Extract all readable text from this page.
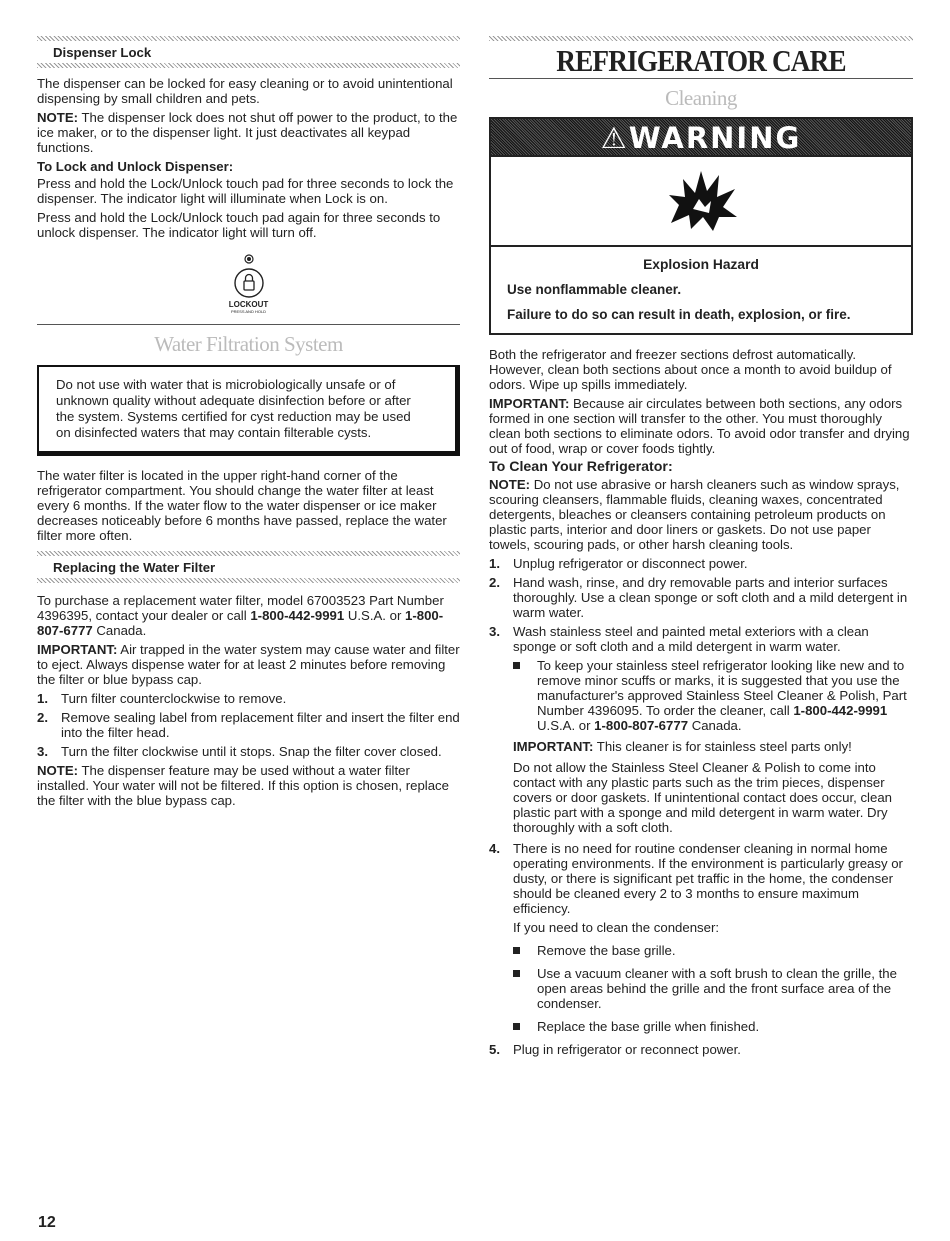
Dispenser Lock

The dispenser can be locked for easy cleaning or to avoid unintentional dispensing by small children and pets.

NOTE: The dispenser lock does not shut off power to the product, to the ice maker, or to the dispenser light. It just deactivates all keypad functions.

To Lock and Unlock Dispenser:

Press and hold the Lock/Unlock touch pad for three seconds to lock the dispenser. The indicator light will illuminate when Lock is on.

Press and hold the Lock/Unlock touch pad again for three seconds to unlock dispenser. The indicator light will turn off.

LOCKOUT
PRESS AND HOLD
Water Filtration System
Do not use with water that is microbiologically unsafe or of unknown quality without adequate disinfection before or after the system. Systems certified for cyst reduction may be used on disinfected waters that may contain filterable cysts.

The water filter is located in the upper right-hand corner of the refrigerator compartment. You should change the water filter at least every 6 months. If the water flow to the water dispenser or ice maker decreases noticeably before 6 months have passed, replace the water filter more often.

Replacing the Water Filter

To purchase a replacement water filter, model 67003523 Part Number 4396395, contact your dealer or call 1-800-442-9991 U.S.A. or 1-800-807-6777 Canada.

IMPORTANT: Air trapped in the water system may cause water and filter to eject. Always dispense water for at least 2 minutes before removing the filter or blue bypass cap.

1. Turn filter counterclockwise to remove.
2. Remove sealing label from replacement filter and insert the filter end into the filter head.
3. Turn the filter clockwise until it stops. Snap the filter cover closed.

NOTE: The dispenser feature may be used without a water filter installed. Your water will not be filtered. If this option is chosen, replace the filter with the blue bypass cap.

REFRIGERATOR CARE
Cleaning
⚠WARNING
Explosion Hazard
Use nonflammable cleaner.
Failure to do so can result in death, explosion, or fire.

Both the refrigerator and freezer sections defrost automatically. However, clean both sections about once a month to avoid buildup of odors. Wipe up spills immediately.

IMPORTANT: Because air circulates between both sections, any odors formed in one section will transfer to the other. You must thoroughly clean both sections to eliminate odors. To avoid odor transfer and drying out of food, wrap or cover foods tightly.

To Clean Your Refrigerator:

NOTE: Do not use abrasive or harsh cleaners such as window sprays, scouring cleansers, flammable fluids, cleaning waxes, concentrated detergents, bleaches or cleansers containing petroleum products on plastic parts, interior and door liners or gaskets. Do not use paper towels, scouring pads, or other harsh cleaning tools.

1. Unplug refrigerator or disconnect power.
2. Hand wash, rinse, and dry removable parts and interior surfaces thoroughly. Use a clean sponge or soft cloth and a mild detergent in warm water.
3. Wash stainless steel and painted metal exteriors with a clean sponge or soft cloth and a mild detergent in warm water.
To keep your stainless steel refrigerator looking like new and to remove minor scuffs or marks, it is suggested that you use the manufacturer's approved Stainless Steel Cleaner & Polish, Part Number 4396095. To order the cleaner, call 1-800-442-9991 U.S.A. or 1-800-807-6777 Canada.

IMPORTANT: This cleaner is for stainless steel parts only!

Do not allow the Stainless Steel Cleaner & Polish to come into contact with any plastic parts such as the trim pieces, dispenser covers or door gaskets. If unintentional contact does occur, clean plastic part with a sponge and mild detergent in warm water. Dry thoroughly with a soft cloth.

4. There is no need for routine condenser cleaning in normal home operating environments. If the environment is particularly greasy or dusty, or there is significant pet traffic in the home, the condenser should be cleaned every 2 to 3 months to ensure maximum efficiency.

If you need to clean the condenser:

Remove the base grille.
Use a vacuum cleaner with a soft brush to clean the grille, the open areas behind the grille and the front surface area of the condenser.
Replace the base grille when finished.
5. Plug in refrigerator or reconnect power.
12
